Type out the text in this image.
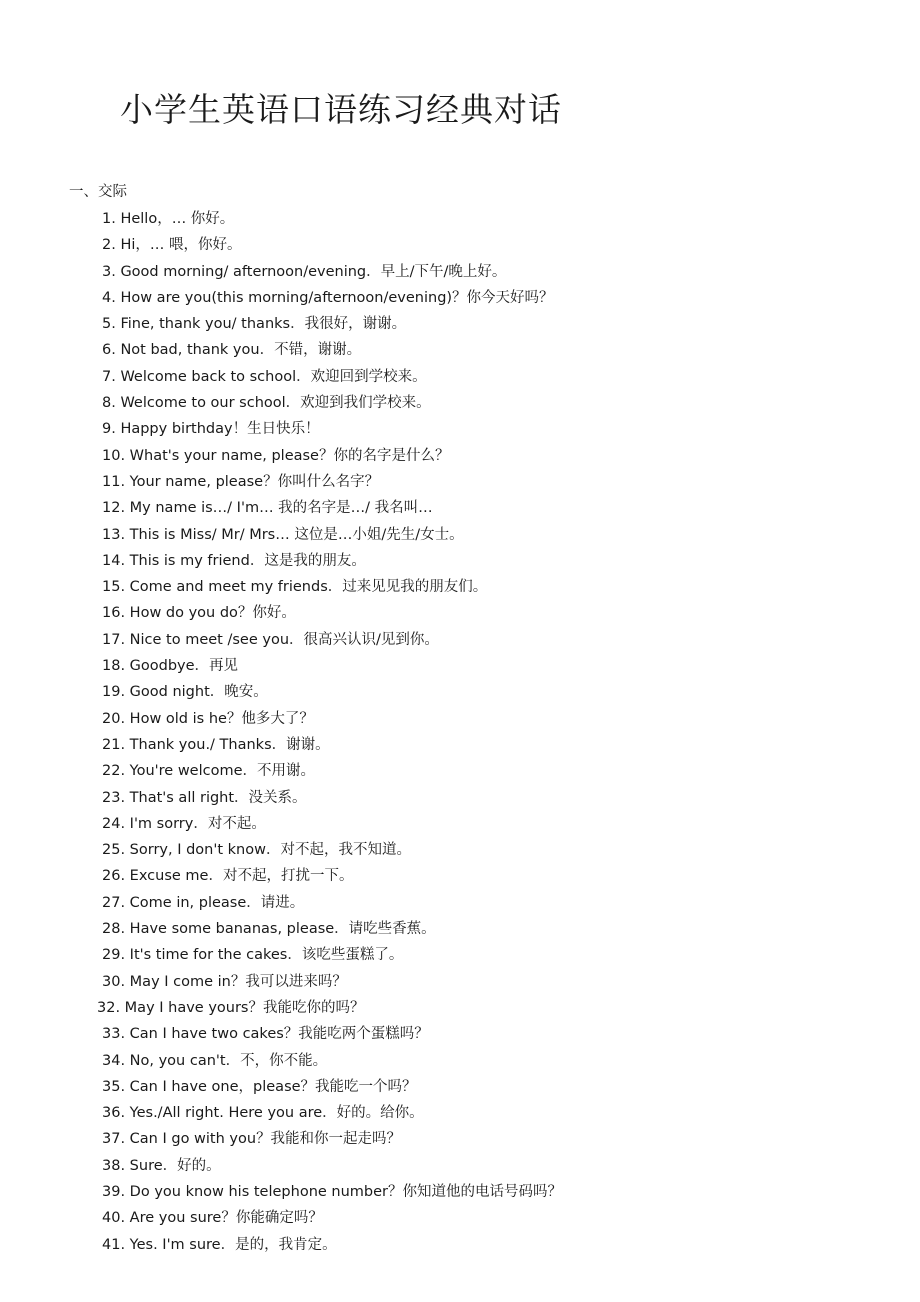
小学生英语口语练习经典对话
一、交际
1. Hello，… 你好。
2. Hi，… 喂，你好。
3. Good morning/ afternoon/evening．早上/下午/晚上好。
4. How are you(this morning/afternoon/evening)？你今天好吗？
5. Fine, thank you/ thanks．我很好，谢谢。
6. Not bad, thank you．不错，谢谢。
7. Welcome back to school．欢迎回到学校来。
8. Welcome to our school．欢迎到我们学校来。
9. Happy birthday！生日快乐！
10. What's your name, please？你的名字是什么？
11. Your name, please？你叫什么名字？
12. My name is…/ I'm… 我的名字是…/ 我名叫…
13. This is Miss/ Mr/ Mrs… 这位是…小姐/先生/女士。
14. This is my friend．这是我的朋友。
15. Come and meet my friends．过来见见我的朋友们。
16. How do you do？你好。
17. Nice to meet /see you．很高兴认识/见到你。
18. Goodbye．再见
19. Good night．晚安。
20. How old is he？他多大了？
21. Thank you./ Thanks．谢谢。
22. You're welcome．不用谢。
23. That's all right．没关系。
24. I'm sorry．对不起。
25. Sorry, I don't know．对不起，我不知道。
26. Excuse me．对不起，打扰一下。
27. Come in, please．请进。
28. Have some bananas, please．请吃些香蕉。
29. It's time for the cakes．该吃些蛋糕了。
30. May I come in？我可以进来吗？
32. May I have yours？我能吃你的吗？
33. Can I have two cakes？我能吃两个蛋糕吗？
34. No, you can't．不，你不能。
35. Can I have one，please？我能吃一个吗？
36. Yes./All right. Here you are．好的。给你。
37. Can I go with you？我能和你一起走吗？
38. Sure．好的。
39. Do you know his telephone number？你知道他的电话号码吗？
40. Are you sure？你能确定吗？
41. Yes. I'm sure．是的，我肯定。
